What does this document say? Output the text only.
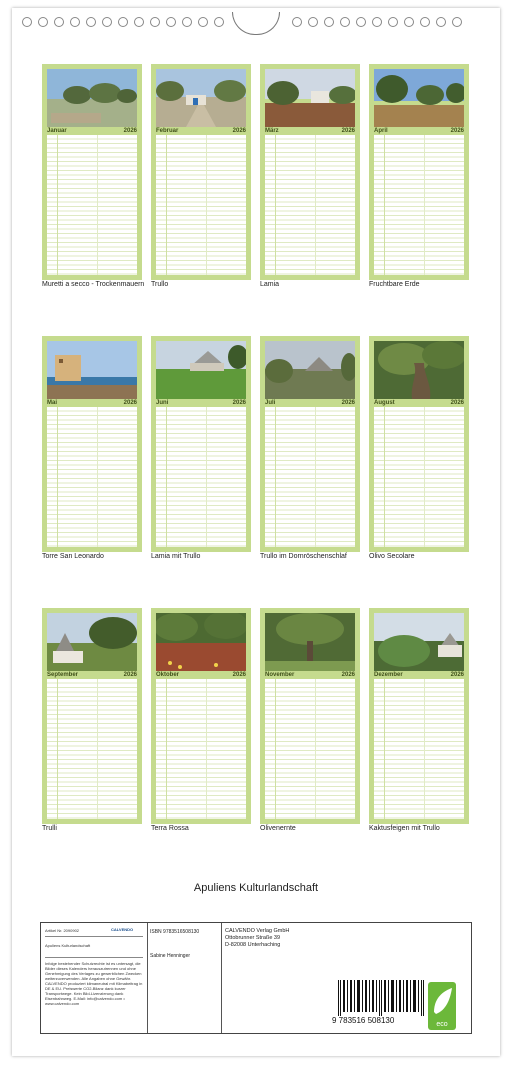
Januar	2026	Februar	2026	März	2026	April	2026
Mai	2026	Juni	2026	Juli	2026	August	2026
September	2026	Oktober	2026	November	2026	Dezember	2026
Muretti a secco - Trockenmauern Trullo	Lamia	Fruchtbare Erde
Torre San Leonardo	Lamia mit Trullo	Trullo im Dornröschenschlaf	Olivo Secolare
Trulli	Terra Rossa	Olivenernte	Kaktusfeigen mit Trullo
Apuliens Kulturlandschaft
Artikel Nr. 2090902	CALVENDO
Apuliens Kulturlandschaft
Infolge bestehender Schutzrechte ist es untersagt, die Bilder dieses Kalenders herauszutrennen und ohne Genehmigung des Verlages zu gewerblichen Zwecken weiterzuverwenden. Alle Angaben ohne Gewähr. CALVENDO produziert klimaneutral mit Klimabeitrag in DE & EU. Preiswerte CO2-Bilanz dank kurzer Transportwege. Kein Bild-Lizenzierung dank Eisenbahnweg. E-Mail: info@calvendo.com • www.calvendo.com
ISBN 9783516508130
Sabine Henninger
CALVENDO Verlag GmbH
Ottobrunner Straße 39
D-82008 Unterhaching
9 783516 508130	eco
